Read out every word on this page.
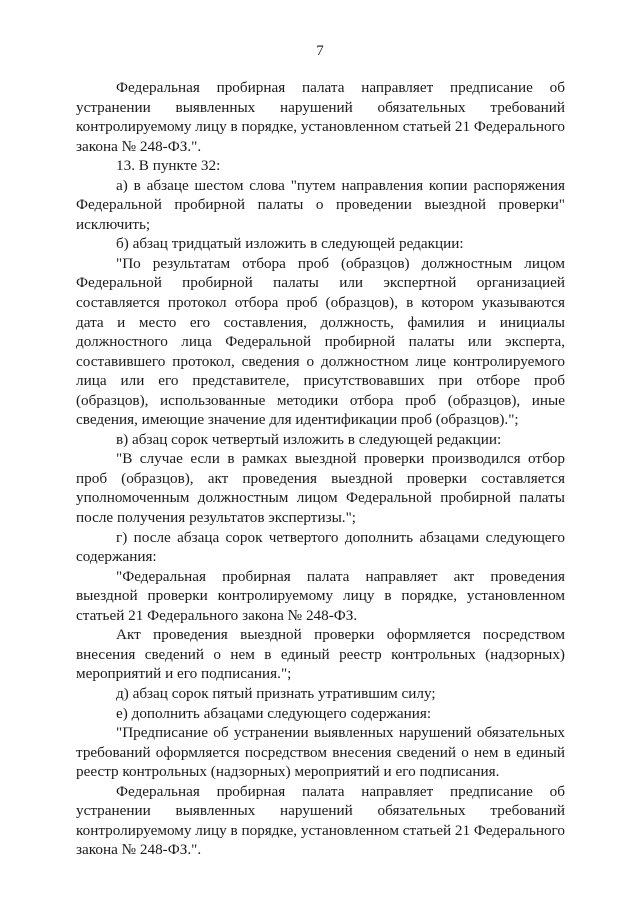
7

Федеральная пробирная палата направляет предписание об устранении выявленных нарушений обязательных требований контролируемому лицу в порядке, установленном статьей 21 Федерального закона № 248-ФЗ.".

13. В пункте 32:

а) в абзаце шестом слова "путем направления копии распоряжения Федеральной пробирной палаты о проведении выездной проверки" исключить;

б) абзац тридцатый изложить в следующей редакции:

"По результатам отбора проб (образцов) должностным лицом Федеральной пробирной палаты или экспертной организацией составляется протокол отбора проб (образцов), в котором указываются дата и место его составления, должность, фамилия и инициалы должностного лица Федеральной пробирной палаты или эксперта, составившего протокол, сведения о должностном лице контролируемого лица или его представителе, присутствовавших при отборе проб (образцов), использованные методики отбора проб (образцов), иные сведения, имеющие значение для идентификации проб (образцов).";

в) абзац сорок четвертый изложить в следующей редакции:

"В случае если в рамках выездной проверки производился отбор проб (образцов), акт проведения выездной проверки составляется уполномоченным должностным лицом Федеральной пробирной палаты после получения результатов экспертизы.";

г) после абзаца сорок четвертого дополнить абзацами следующего содержания:

"Федеральная пробирная палата направляет акт проведения выездной проверки контролируемому лицу в порядке, установленном статьей 21 Федерального закона № 248-ФЗ.

Акт проведения выездной проверки оформляется посредством внесения сведений о нем в единый реестр контрольных (надзорных) мероприятий и его подписания.";

д) абзац сорок пятый признать утратившим силу;

е) дополнить абзацами следующего содержания:

"Предписание об устранении выявленных нарушений обязательных требований оформляется посредством внесения сведений о нем в единый реестр контрольных (надзорных) мероприятий и его подписания.

Федеральная пробирная палата направляет предписание об устранении выявленных нарушений обязательных требований контролируемому лицу в порядке, установленном статьей 21 Федерального закона № 248-ФЗ.".
